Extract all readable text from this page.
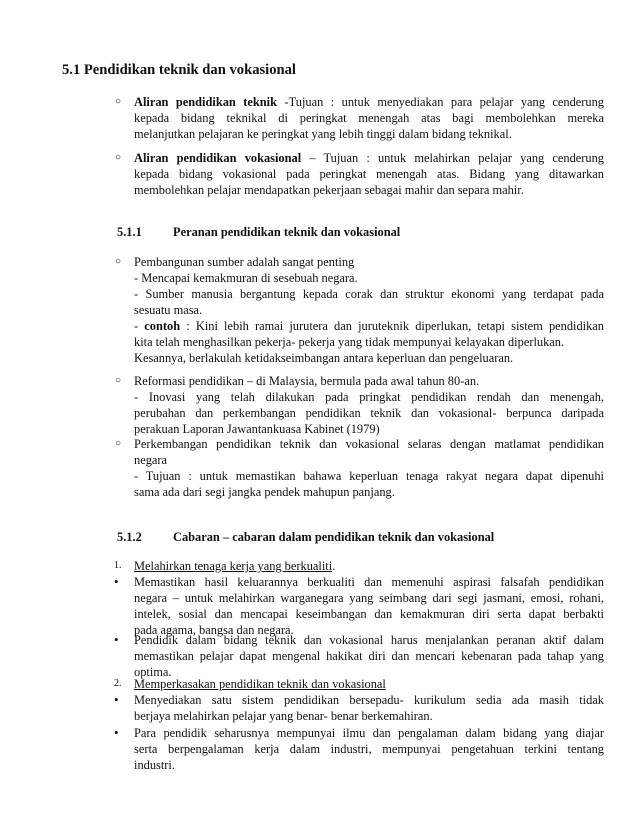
5.1 Pendidikan teknik dan vokasional
○ Aliran pendidikan teknik -Tujuan : untuk menyediakan para pelajar yang cenderung
kepada bidang teknikal di peringkat menengah atas bagi membolehkan mereka
melanjutkan pelajaran ke peringkat yang lebih tinggi dalam bidang teknikal.
○ Aliran pendidikan vokasional – Tujuan : untuk melahirkan pelajar yang cenderung
kepada bidang vokasional pada peringkat menengah atas. Bidang yang ditawarkan
membolehkan pelajar mendapatkan pekerjaan sebagai mahir dan separa mahir.
5.1.1	Peranan pendidikan teknik dan vokasional
○ Pembangunan sumber adalah sangat penting
- Mencapai kemakmuran di sesebuah negara.
- Sumber manusia bergantung kepada corak dan struktur ekonomi yang terdapat pada
sesuatu masa.
- contoh : Kini lebih ramai jurutera dan juruteknik diperlukan, tetapi sistem pendidikan
kita telah menghasilkan pekerja- pekerja yang tidak mempunyai kelayakan diperlukan.
Kesannya, berlakulah ketidakseimbangan antara keperluan dan pengeluaran.
○ Reformasi pendidikan – di Malaysia, bermula pada awal tahun 80-an.
- Inovasi yang telah dilakukan pada pringkat pendidikan rendah dan menengah,
perubahan dan perkembangan pendidikan teknik dan vokasional- berpunca daripada
perakuan Laporan Jawantankuasa Kabinet (1979)
○ Perkembangan pendidikan teknik dan vokasional selaras dengan matlamat pendidikan
negara
- Tujuan : untuk memastikan bahawa keperluan tenaga rakyat negara dapat dipenuhi
sama ada dari segi jangka pendek mahupun panjang.
5.1.2	Cabaran – cabaran dalam pendidikan teknik dan vokasional
1. Melahirkan tenaga kerja yang berkualiti.
• Memastikan hasil keluarannya berkualiti dan memenuhi aspirasi falsafah pendidikan
negara – untuk melahirkan warganegara yang seimbang dari segi jasmani, emosi, rohani,
intelek, sosial dan mencapai keseimbangan dan kemakmuran diri serta dapat berbakti
pada agama, bangsa dan negara.
• Pendidik dalam bidang teknik dan vokasional harus menjalankan peranan aktif dalam
memastikan pelajar dapat mengenal hakikat diri dan mencari kebenaran pada tahap yang
optima.
2. Memperkasakan pendidikan teknik dan vokasional
• Menyediakan satu sistem pendidikan bersepadu- kurikulum sedia ada masih tidak
berjaya melahirkan pelajar yang benar- benar berkemahiran.
• Para pendidik seharusnya mempunyai ilmu dan pengalaman dalam bidang yang diajar
serta berpengalaman kerja dalam industri, mempunyai pengetahuan terkini tentang
industri.
